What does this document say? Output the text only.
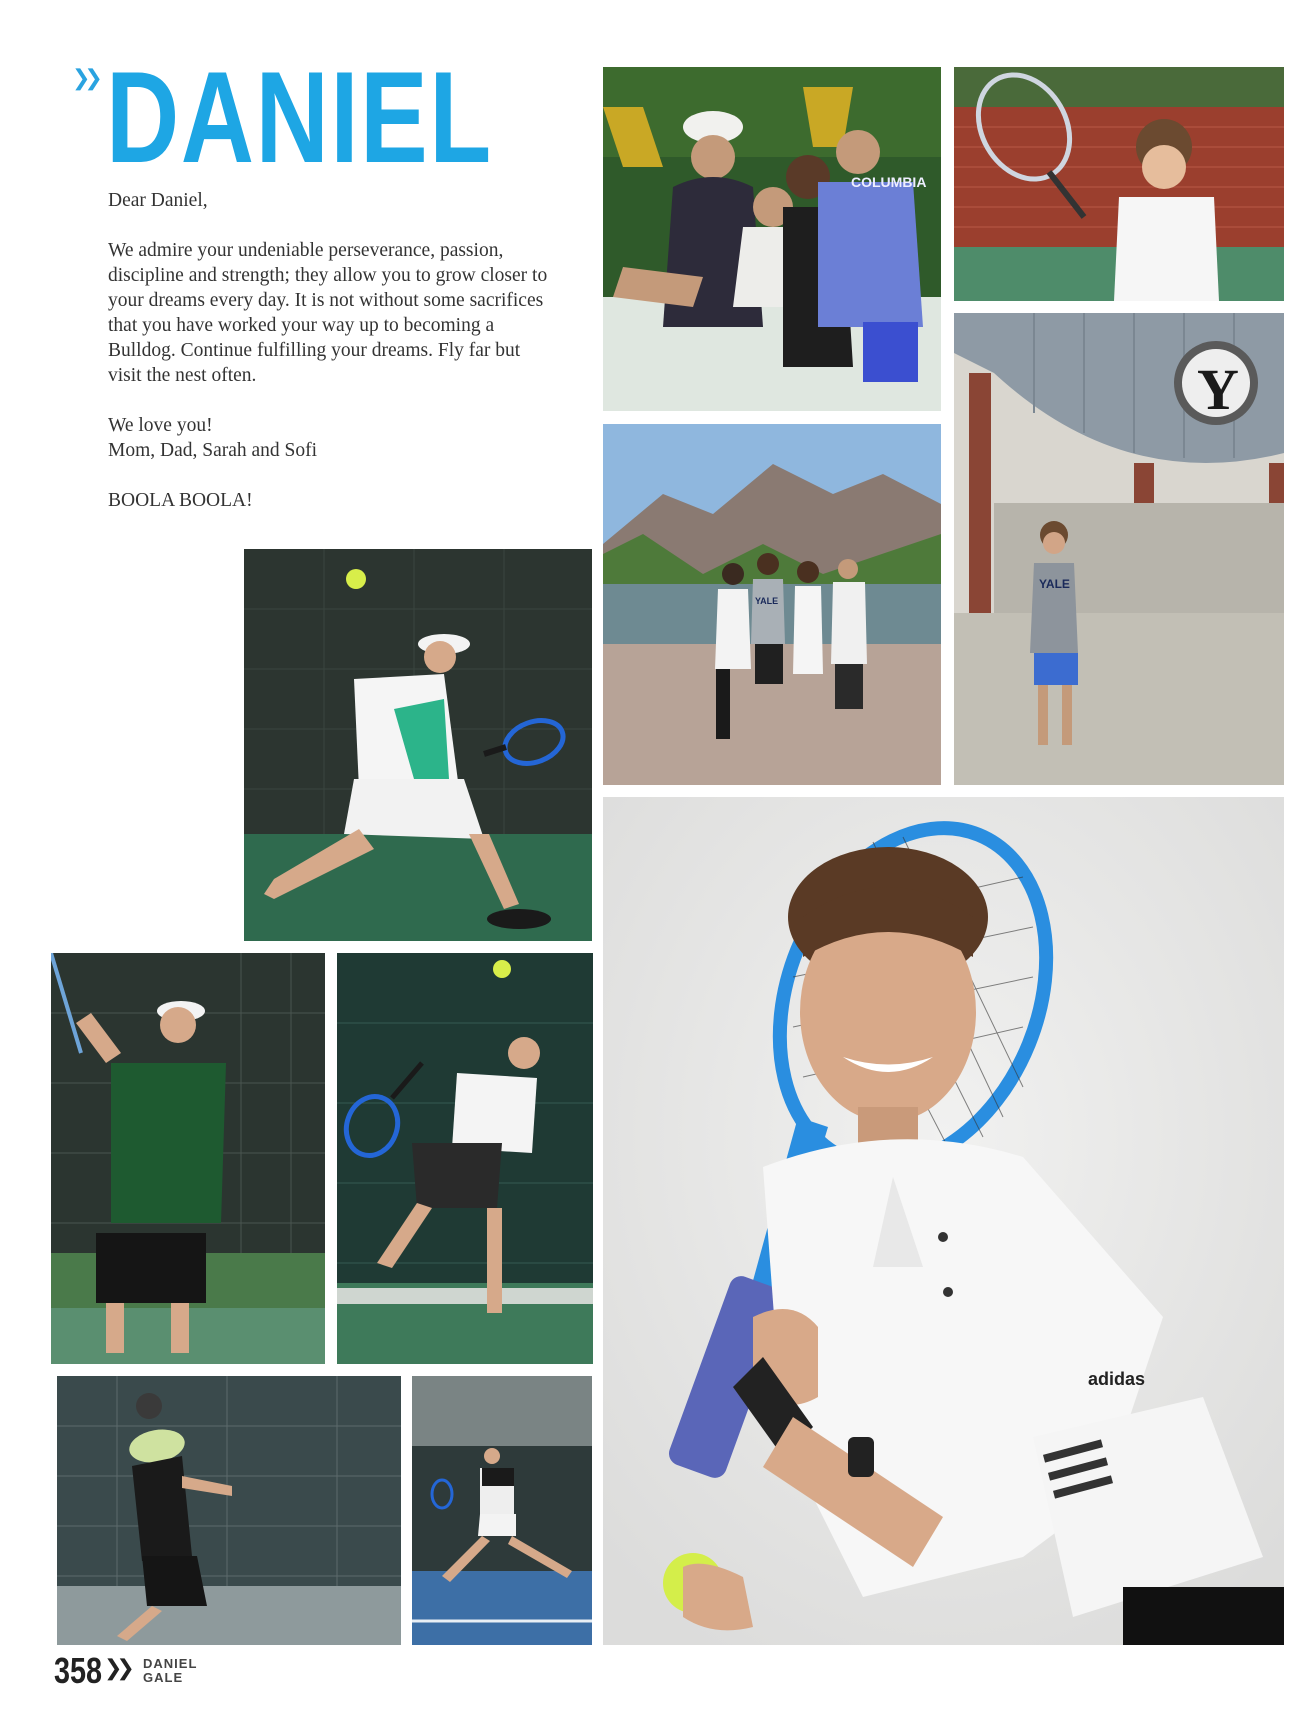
❯❯ DANIEL

Dear Daniel,

We admire your undeniable perseverance, passion, discipline and strength; they allow you to grow closer to your dreams every day. It is not without some sacrifices that you have worked your way up to becoming a Bulldog. Continue fulfilling your dreams. Fly far but visit the nest often.

We love you!
Mom, Dad, Sarah and Sofi

BOOLA BOOLA!

COLUMBIA
Y
YALE
YALE
adidas
358 ❯❯ DANIEL
GALE
